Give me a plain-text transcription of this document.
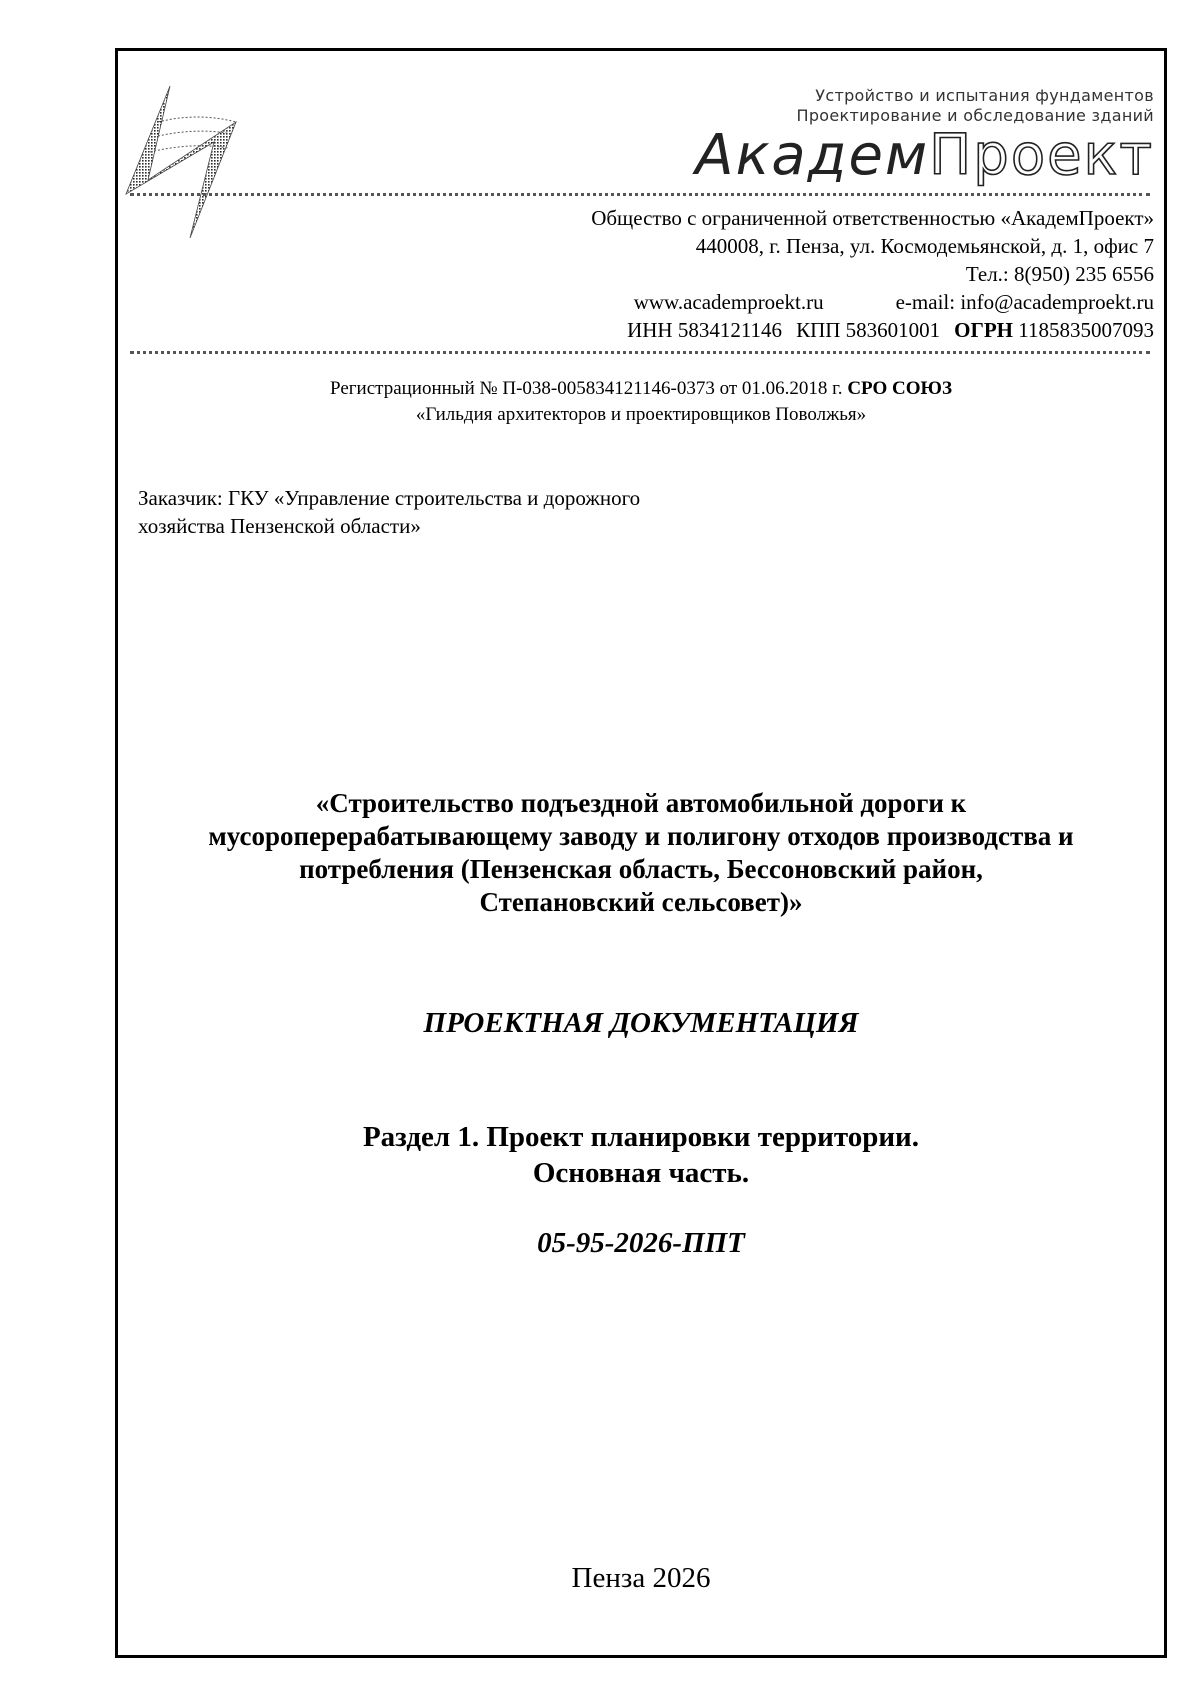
Устройство и испытания фундаментов
Проектирование и обследование зданий
АкадемПроект
Общество с ограниченной ответственностью «АкадемПроект»
440008, г. Пенза, ул. Космодемьянской, д. 1, офис 7
Тел.: 8(950) 235 6556
www.academproekt.ru	e-mail: info@academproekt.ru
ИНН 5834121146 КПП 583601001 ОГРН 1185835007093
Регистрационный № П-038-005834121146-0373 от 01.06.2018 г. СРО СОЮЗ
«Гильдия архитекторов и проектировщиков Поволжья»
Заказчик: ГКУ «Управление строительства и дорожного
хозяйства Пензенской области»
«Строительство подъездной автомобильной дороги к
мусороперерабатывающему заводу и полигону отходов производства и
потребления (Пензенская область, Бессоновский район,
Степановский сельсовет)»
ПРОЕКТНАЯ ДОКУМЕНТАЦИЯ
Раздел 1. Проект планировки территории.
Основная часть.
05-95-2026-ППТ
Пенза 2026
